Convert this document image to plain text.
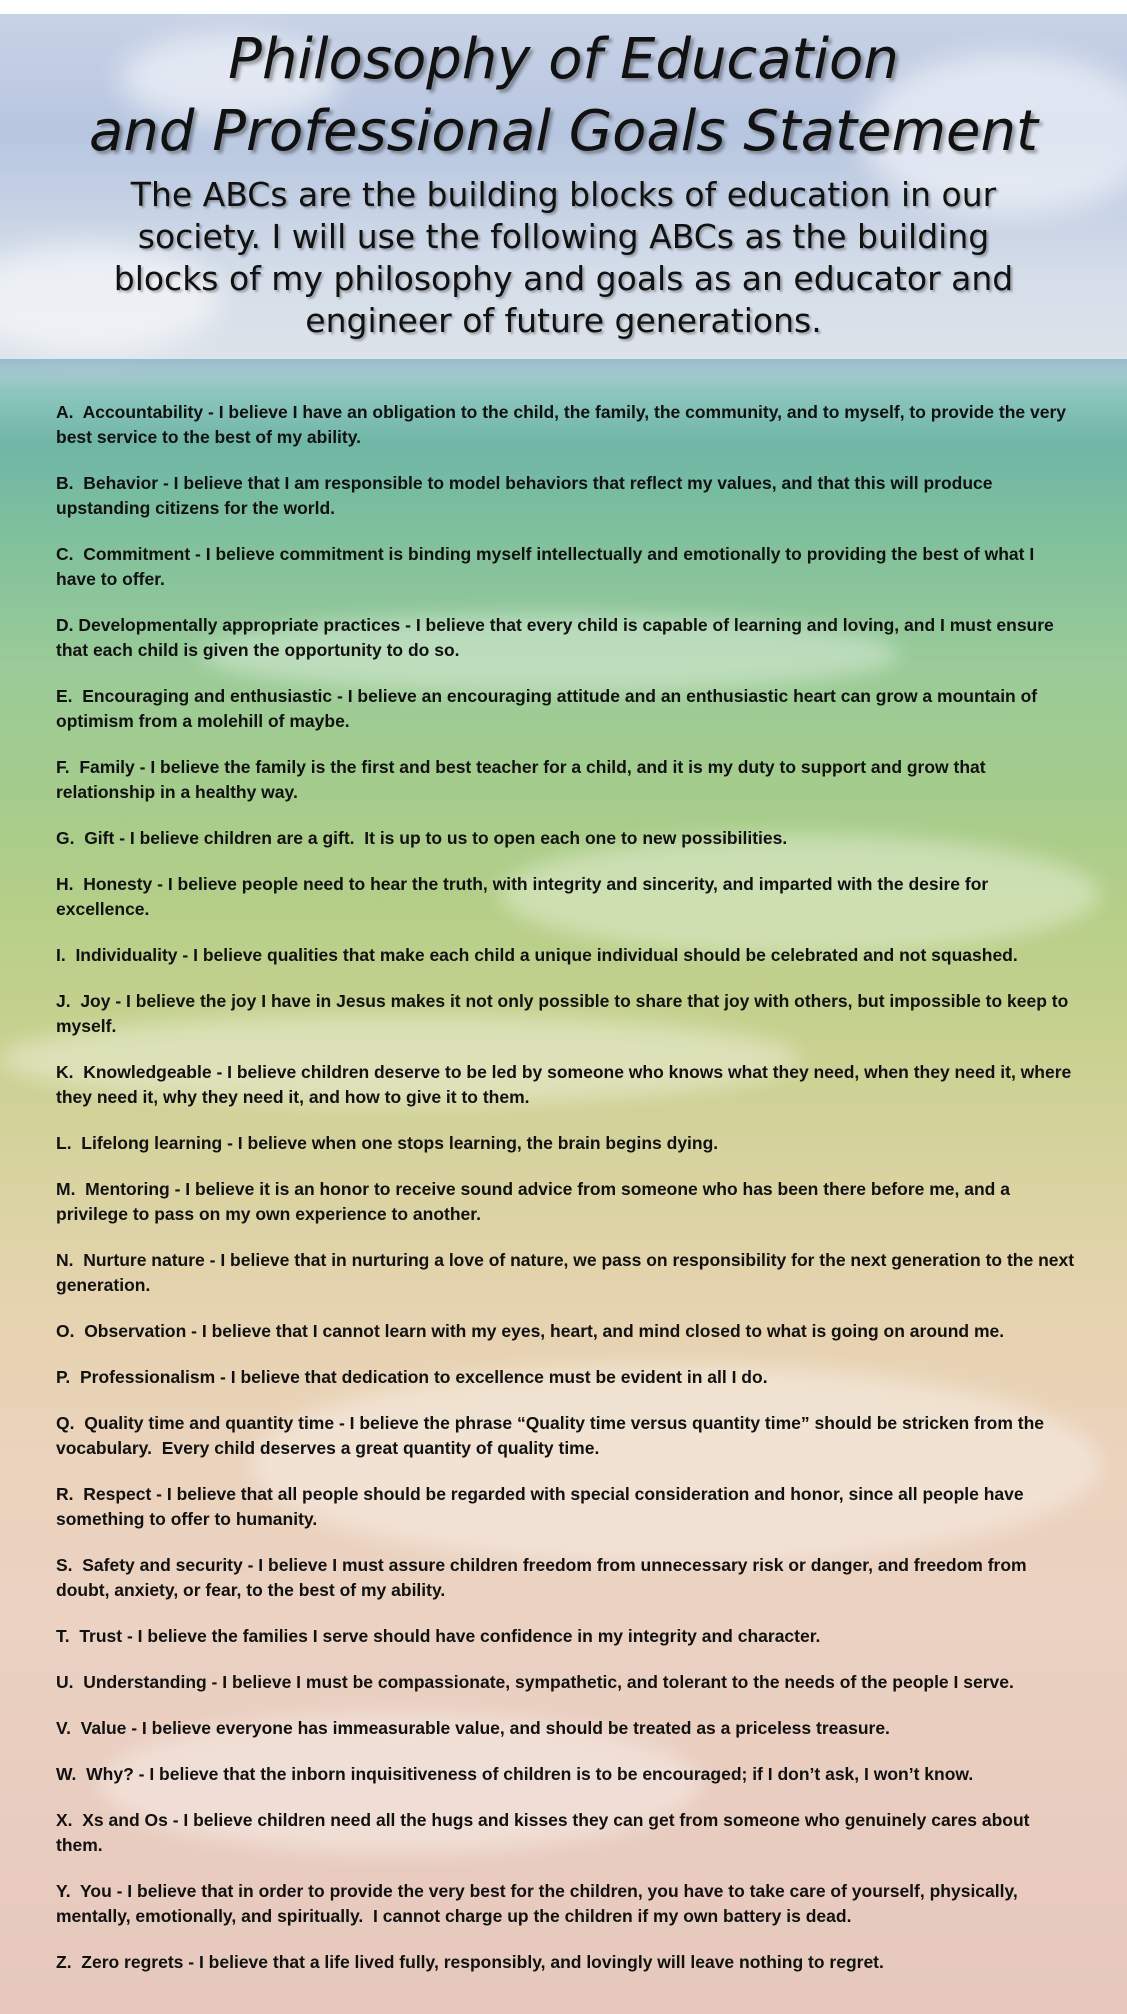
Philosophy of Education
and Professional Goals Statement

The ABCs are the building blocks of education in our society. I will use the following ABCs as the building blocks of my philosophy and goals as an educator and engineer of future generations.

A.  Accountability - I believe I have an obligation to the child, the family, the community, and to myself, to provide the very best service to the best of my ability.
B.  Behavior - I believe that I am responsible to model behaviors that reflect my values, and that this will produce upstanding citizens for the world.
C.  Commitment - I believe commitment is binding myself intellectually and emotionally to providing the best of what I have to offer.
D. Developmentally appropriate practices - I believe that every child is capable of learning and loving, and I must ensure that each child is given the opportunity to do so.
E.  Encouraging and enthusiastic - I believe an encouraging attitude and an enthusiastic heart can grow a mountain of optimism from a molehill of maybe.
F.  Family - I believe the family is the first and best teacher for a child, and it is my duty to support and grow that relationship in a healthy way.
G.  Gift - I believe children are a gift.  It is up to us to open each one to new possibilities.
H.  Honesty - I believe people need to hear the truth, with integrity and sincerity, and imparted with the desire for excellence.
I.  Individuality - I believe qualities that make each child a unique individual should be celebrated and not squashed.
J.  Joy - I believe the joy I have in Jesus makes it not only possible to share that joy with others, but impossible to keep to myself.
K.  Knowledgeable - I believe children deserve to be led by someone who knows what they need, when they need it, where they need it, why they need it, and how to give it to them.
L.  Lifelong learning - I believe when one stops learning, the brain begins dying.
M.  Mentoring - I believe it is an honor to receive sound advice from someone who has been there before me, and a privilege to pass on my own experience to another.
N.  Nurture nature - I believe that in nurturing a love of nature, we pass on responsibility for the next generation to the next generation.
O.  Observation - I believe that I cannot learn with my eyes, heart, and mind closed to what is going on around me.
P.  Professionalism - I believe that dedication to excellence must be evident in all I do.
Q.  Quality time and quantity time - I believe the phrase “Quality time versus quantity time” should be stricken from the vocabulary.  Every child deserves a great quantity of quality time.
R.  Respect - I believe that all people should be regarded with special consideration and honor, since all people have something to offer to humanity.
S.  Safety and security - I believe I must assure children freedom from unnecessary risk or danger, and freedom from doubt, anxiety, or fear, to the best of my ability.
T.  Trust - I believe the families I serve should have confidence in my integrity and character.
U.  Understanding - I believe I must be compassionate, sympathetic, and tolerant to the needs of the people I serve.
V.  Value - I believe everyone has immeasurable value, and should be treated as a priceless treasure.
W.  Why? - I believe that the inborn inquisitiveness of children is to be encouraged; if I don’t ask, I won’t know.
X.  Xs and Os - I believe children need all the hugs and kisses they can get from someone who genuinely cares about them.
Y.  You - I believe that in order to provide the very best for the children, you have to take care of yourself, physically, mentally, emotionally, and spiritually.  I cannot charge up the children if my own battery is dead.
Z.  Zero regrets - I believe that a life lived fully, responsibly, and lovingly will leave nothing to regret.
